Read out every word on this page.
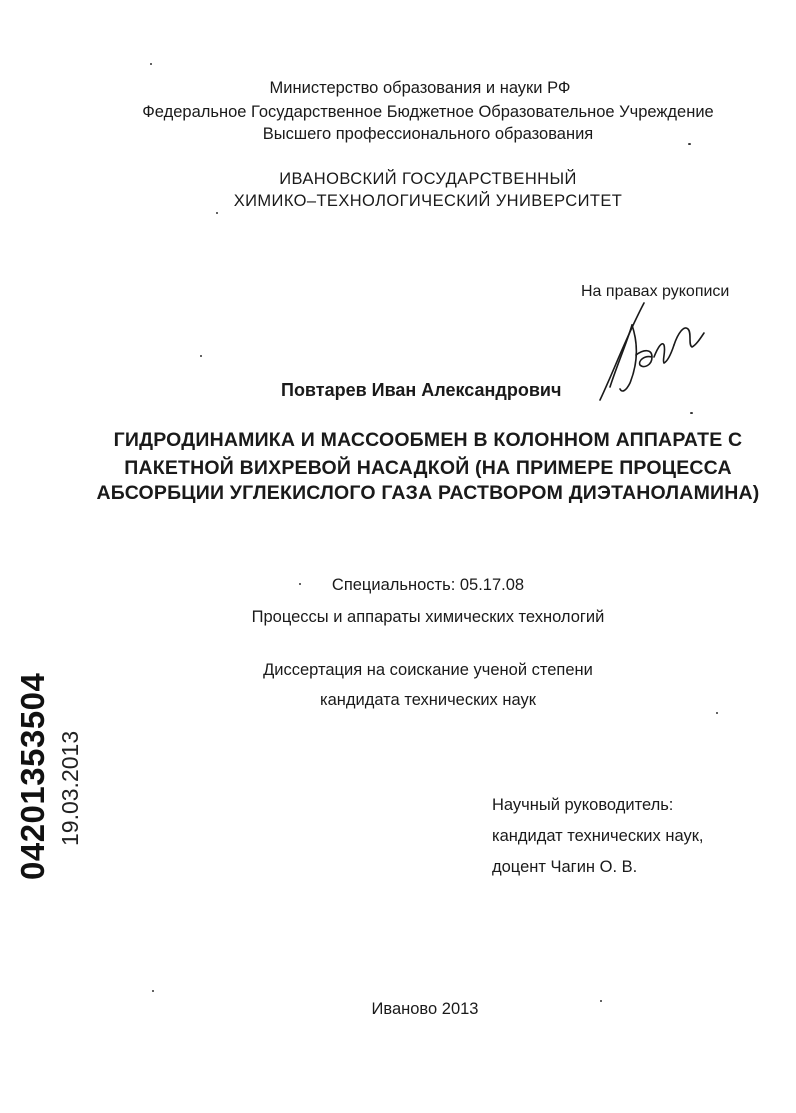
Министерство образования и науки РФ
Федеральное Государственное Бюджетное Образовательное Учреждение
Высшего профессионального образования
ИВАНОВСКИЙ ГОСУДАРСТВЕННЫЙ
ХИМИКО–ТЕХНОЛОГИЧЕСКИЙ УНИВЕРСИТЕТ
На правах рукописи
Повтарев Иван Александрович
ГИДРОДИНАМИКА И МАССООБМЕН В КОЛОННОМ АППАРАТЕ С
ПАКЕТНОЙ ВИХРЕВОЙ НАСАДКОЙ (НА ПРИМЕРЕ ПРОЦЕССА
АБСОРБЦИИ УГЛЕКИСЛОГО ГАЗА РАСТВОРОМ ДИЭТАНОЛАМИНА)
Специальность: 05.17.08
Процессы и аппараты химических технологий
Диссертация на соискание ученой степени
кандидата технических наук
Научный руководитель:
кандидат технических наук,
доцент Чагин О. В.
Иваново 2013
04201353504 19.03.2013
